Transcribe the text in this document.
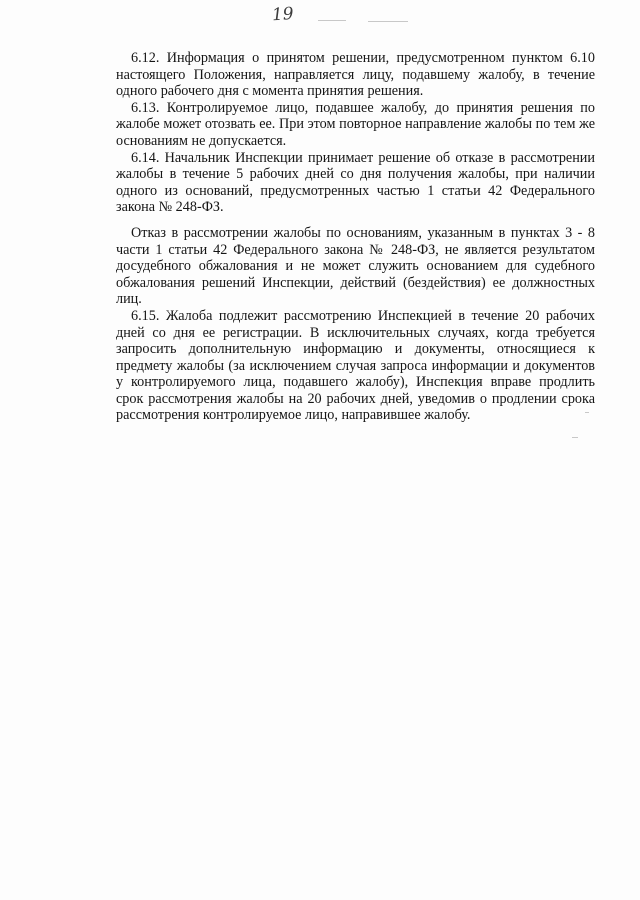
19

6.12. Информация о принятом решении, предусмотренном пунктом 6.10 настоящего Положения, направляется лицу, подавшему жалобу, в течение одного рабочего дня с момента принятия решения.

6.13. Контролируемое лицо, подавшее жалобу, до принятия решения по жалобе может отозвать ее. При этом повторное направление жалобы по тем же основаниям не допускается.

6.14. Начальник Инспекции принимает решение об отказе в рассмотрении жалобы в течение 5 рабочих дней со дня получения жалобы, при наличии одного из оснований, предусмотренных частью 1 статьи 42 Федерального закона № 248-ФЗ.

Отказ в рассмотрении жалобы по основаниям, указанным в пунктах 3 - 8 части 1 статьи 42 Федерального закона № 248-ФЗ, не является результатом досудебного обжалования и не может служить основанием для судебного обжалования решений Инспекции, действий (бездействия) ее должностных лиц.

6.15. Жалоба подлежит рассмотрению Инспекцией в течение 20 рабочих дней со дня ее регистрации. В исключительных случаях, когда требуется запросить дополнительную информацию и документы, относящиеся к предмету жалобы (за исключением случая запроса информации и документов у контролируемого лица, подавшего жалобу), Инспекция вправе продлить срок рассмотрения жалобы на 20 рабочих дней, уведомив о продлении срока рассмотрения контролируемое лицо, направившее жалобу.
